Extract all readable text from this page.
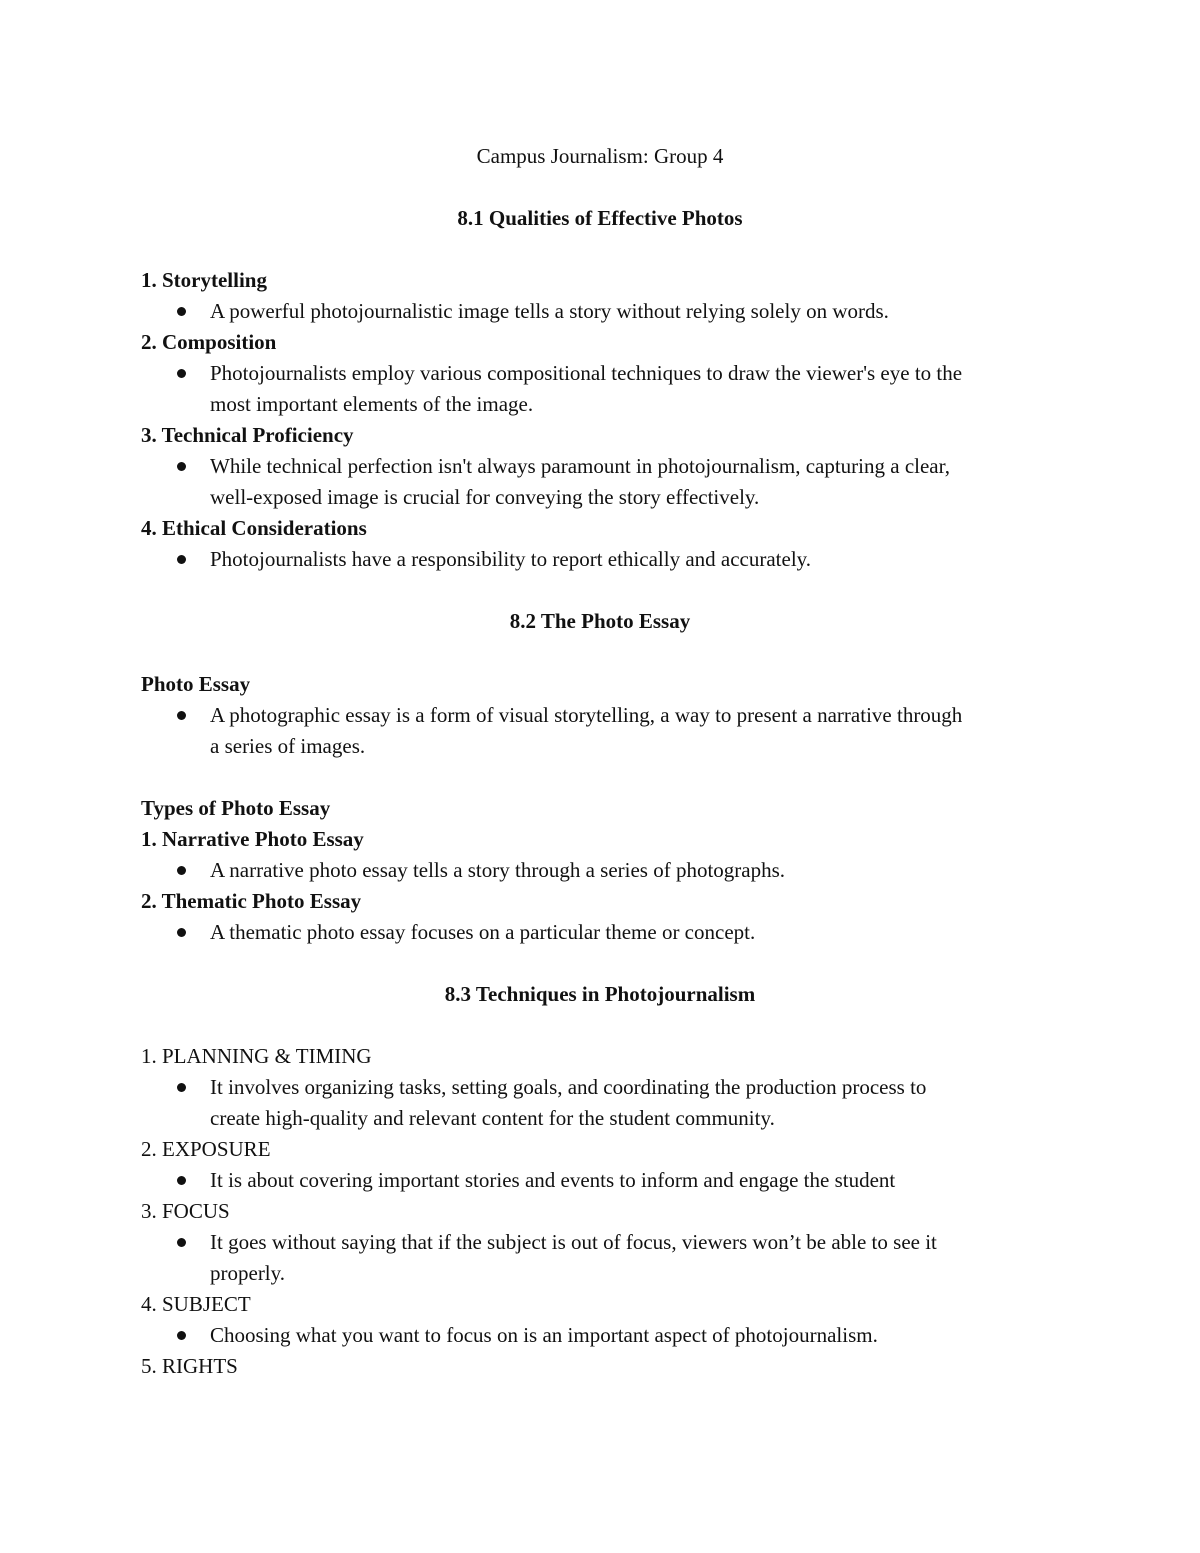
Campus Journalism: Group 4
8.1 Qualities of Effective Photos
1. Storytelling
A powerful photojournalistic image tells a story without relying solely on words.
2. Composition
Photojournalists employ various compositional techniques to draw the viewer's eye to the
most important elements of the image.
3. Technical Proficiency
While technical perfection isn't always paramount in photojournalism, capturing a clear,
well-exposed image is crucial for conveying the story effectively.
4. Ethical Considerations
Photojournalists have a responsibility to report ethically and accurately.
8.2 The Photo Essay
Photo Essay
A photographic essay is a form of visual storytelling, a way to present a narrative through
a series of images.
Types of Photo Essay
1. Narrative Photo Essay
A narrative photo essay tells a story through a series of photographs.
2. Thematic Photo Essay
A thematic photo essay focuses on a particular theme or concept.
8.3 Techniques in Photojournalism
1. PLANNING & TIMING
It involves organizing tasks, setting goals, and coordinating the production process to
create high-quality and relevant content for the student community.
2. EXPOSURE
It is about covering important stories and events to inform and engage the student
3. FOCUS
It goes without saying that if the subject is out of focus, viewers won’t be able to see it
properly.
4. SUBJECT
Choosing what you want to focus on is an important aspect of photojournalism.
5. RIGHTS
